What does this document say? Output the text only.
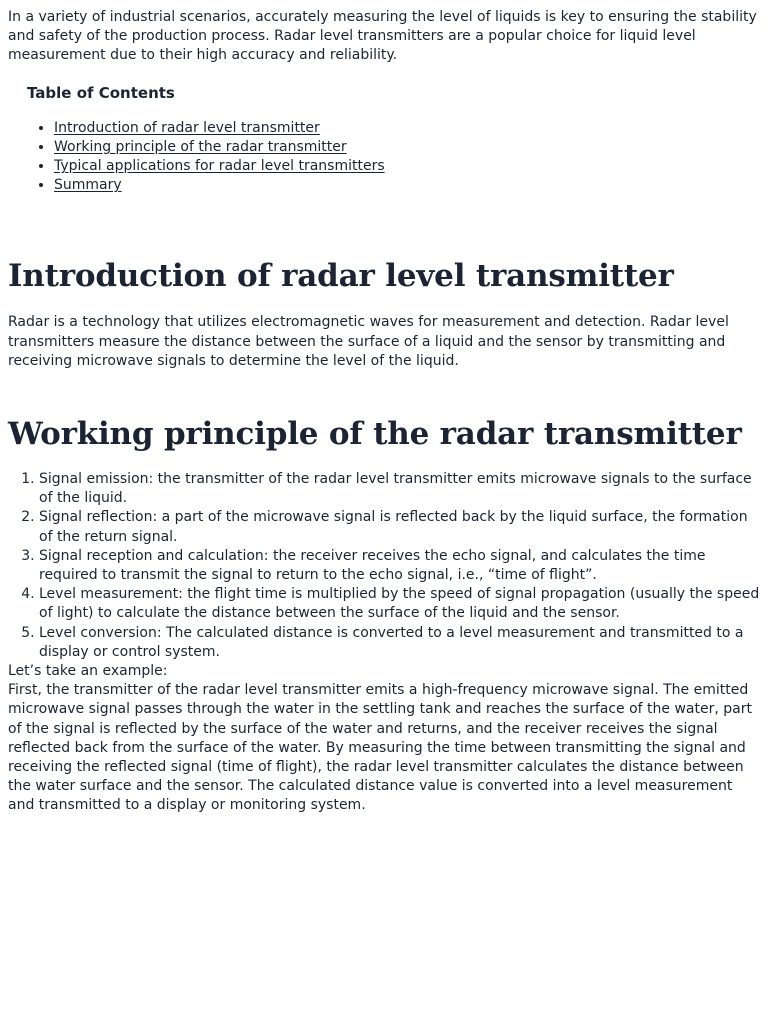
In a variety of industrial scenarios, accurately measuring the level of liquids is key to ensuring the stability and safety of the production process. Radar level transmitters are a popular choice for liquid level measurement due to their high accuracy and reliability.

Table of Contents

• Introduction of radar level transmitter
• Working principle of the radar transmitter
• Typical applications for radar level transmitters
• Summary
Introduction of radar level transmitter

Radar is a technology that utilizes electromagnetic waves for measurement and detection. Radar level transmitters measure the distance between the surface of a liquid and the sensor by transmitting and receiving microwave signals to determine the level of the liquid.

Working principle of the radar transmitter
1. Signal emission: the transmitter of the radar level transmitter emits microwave signals to the surface of the liquid.
2. Signal reflection: a part of the microwave signal is reflected back by the liquid surface, the formation of the return signal.
3. Signal reception and calculation: the receiver receives the echo signal, and calculates the time required to transmit the signal to return to the echo signal, i.e., “time of flight”.
4. Level measurement: the flight time is multiplied by the speed of signal propagation (usually the speed of light) to calculate the distance between the surface of the liquid and the sensor.
5. Level conversion: The calculated distance is converted to a level measurement and transmitted to a display or control system.

Let’s take an example:

First, the transmitter of the radar level transmitter emits a high-frequency microwave signal. The emitted microwave signal passes through the water in the settling tank and reaches the surface of the water, part of the signal is reflected by the surface of the water and returns, and the receiver receives the signal reflected back from the surface of the water. By measuring the time between transmitting the signal and receiving the reflected signal (time of flight), the radar level transmitter calculates the distance between the water surface and the sensor. The calculated distance value is converted into a level measurement and transmitted to a display or monitoring system.
